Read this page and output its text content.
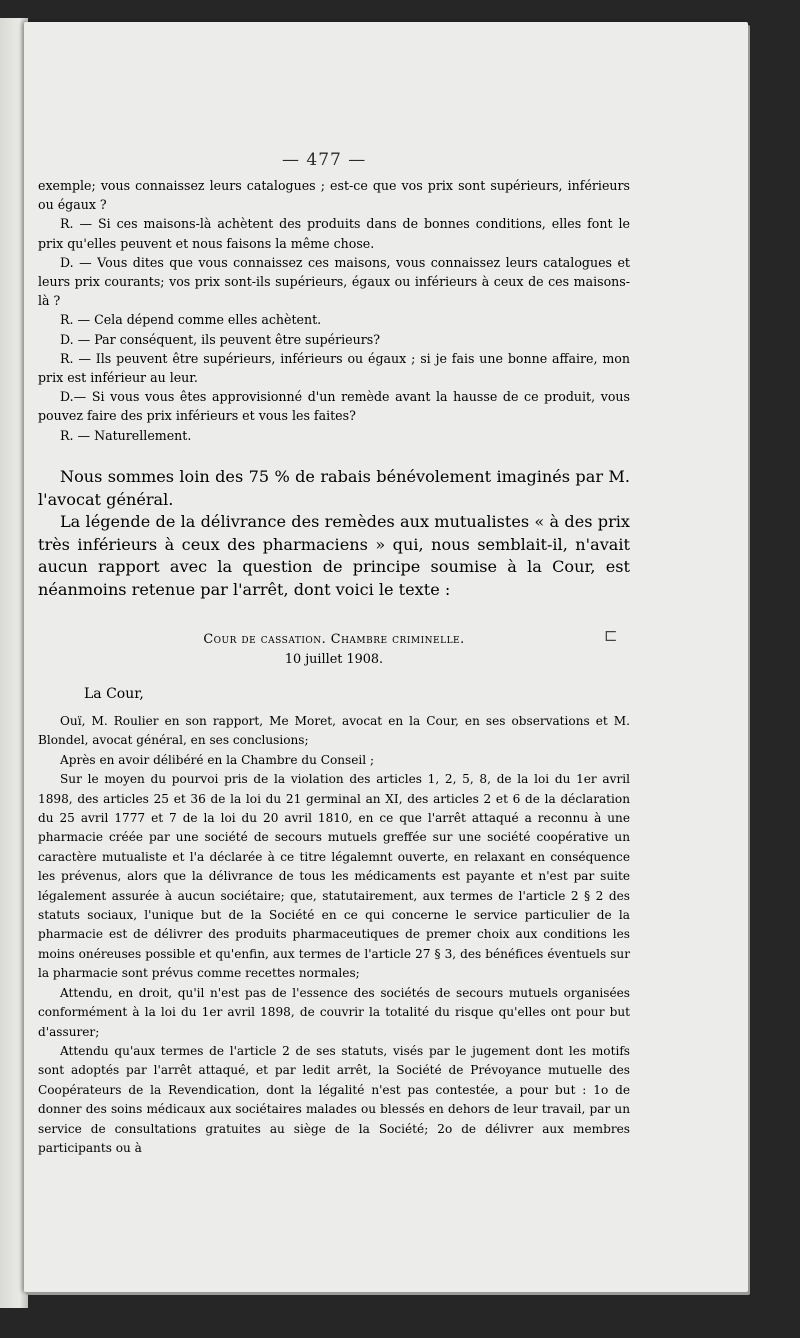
— 477 —

exemple; vous connaissez leurs catalogues ; est-ce que vos prix sont supérieurs, inférieurs ou égaux ?

R. — Si ces maisons-là achètent des produits dans de bonnes conditions, elles font le prix qu'elles peuvent et nous faisons la même chose.

D. — Vous dites que vous connaissez ces maisons, vous connaissez leurs catalogues et leurs prix courants; vos prix sont-ils supérieurs, égaux ou inférieurs à ceux de ces maisons-là ?

R. — Cela dépend comme elles achètent.

D. — Par conséquent, ils peuvent être supérieurs?

R. — Ils peuvent être supérieurs, inférieurs ou égaux ; si je fais une bonne affaire, mon prix est inférieur au leur.

D.— Si vous vous êtes approvisionné d'un remède avant la hausse de ce produit, vous pouvez faire des prix inférieurs et vous les faites?

R. — Naturellement.

Nous sommes loin des 75 % de rabais bénévolement imaginés par M. l'avocat général.

La légende de la délivrance des remèdes aux mutualistes « à des prix très inférieurs à ceux des pharmaciens » qui, nous semblait-il, n'avait aucun rapport avec la question de principe soumise à la Cour, est néanmoins retenue par l'arrêt, dont voici le texte :

⊏
Cour de cassation. Chambre criminelle.
10 juillet 1908.
La Cour,

Ouï, M. Roulier en son rapport, Me Moret, avocat en la Cour, en ses observations et M. Blondel, avocat général, en ses conclusions;

Après en avoir délibéré en la Chambre du Conseil ;

Sur le moyen du pourvoi pris de la violation des articles 1, 2, 5, 8, de la loi du 1er avril 1898, des articles 25 et 36 de la loi du 21 germinal an XI, des articles 2 et 6 de la déclaration du 25 avril 1777 et 7 de la loi du 20 avril 1810, en ce que l'arrêt attaqué a reconnu à une pharmacie créée par une société de secours mutuels greffée sur une société coopérative un caractère mutualiste et l'a déclarée à ce titre légalemnt ouverte, en relaxant en conséquence les prévenus, alors que la délivrance de tous les médicaments est payante et n'est par suite légalement assurée à aucun sociétaire; que, statutairement, aux termes de l'article 2 § 2 des statuts sociaux, l'unique but de la Société en ce qui concerne le service particulier de la pharmacie est de délivrer des produits pharmaceutiques de premer choix aux conditions les moins onéreuses possible et qu'enfin, aux termes de l'article 27 § 3, des bénéfices éventuels sur la pharmacie sont prévus comme recettes normales;

Attendu, en droit, qu'il n'est pas de l'essence des sociétés de secours mutuels organisées conformément à la loi du 1er avril 1898, de couvrir la totalité du risque qu'elles ont pour but d'assurer;

Attendu qu'aux termes de l'article 2 de ses statuts, visés par le jugement dont les motifs sont adoptés par l'arrêt attaqué, et par ledit arrêt, la Société de Prévoyance mutuelle des Coopérateurs de la Revendication, dont la légalité n'est pas contestée, a pour but : 1o de donner des soins médicaux aux sociétaires malades ou blessés en dehors de leur travail, par un service de consultations gratuites au siège de la Société; 2o de délivrer aux membres participants ou à
